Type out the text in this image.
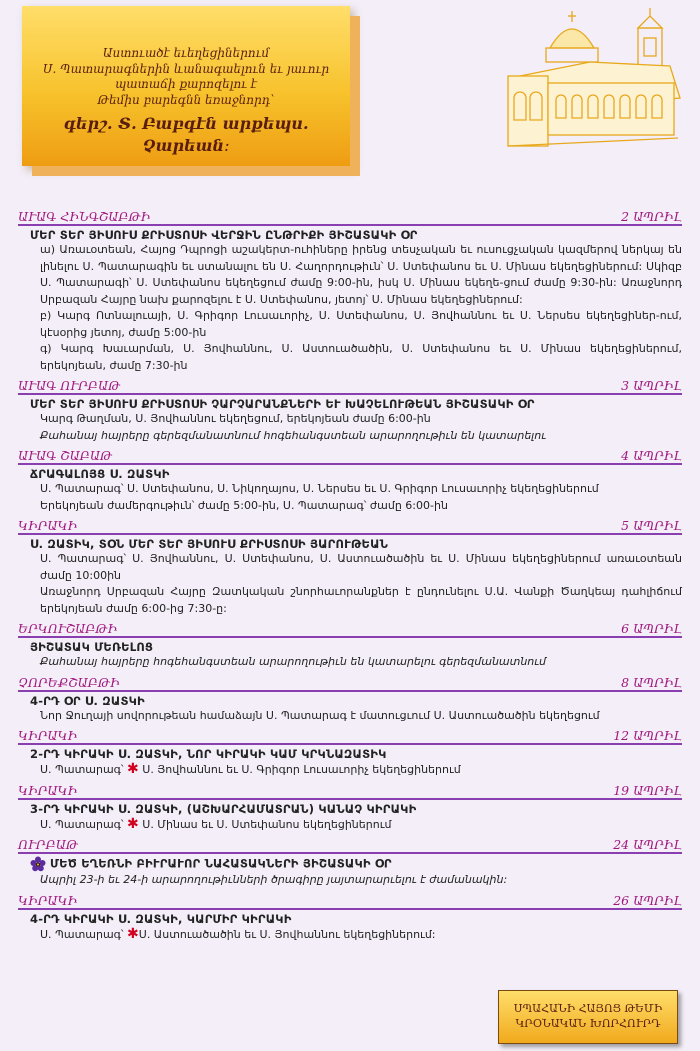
Աստուածէ եւեղեցիներում
Ս. Պատարագներին ևանագաելուն եւ յաւուր
պատաճի քարոզելու է
Թեմիս բարեգնն եռաջնորդ՝
գերշ. Տ. Բաբգէն արքեպս.
Չարեան։
ԱՒԱԳ ՀԻՆԳՇԱԲԹԻ	2 ԱՊՐԻԼ
ՄԵՐ ՏԵՐ ՅԻՍՈՒՍ ՔՐԻՍՏՈՍԻ ՎԵՐՋԻՆ ԸՆԹՐԻՔԻ ՅԻՇԱՏԱԿԻ ՕՐ
ա) Առաւօտեան, Հայոց Դպրոցի աշակերտ-ուհիները իրենց տեսչական եւ ուսուցչական կազմերով ներկայ են լինելու Ս. Պատարագին եւ ստանալու են Ս. Հաղորդութիւն՝ Ս. Ստեփանոս եւ Ս. Մինաս եկեղեցիներում: Սկիզբ Ս. Պատարագի՝ Ս. Ստեփանոս եկեղեցում ժամը 9:00-ին, իսկ Ս. Մինաս եկեղե-ցում ժամը 9:30-ին: Առաջնորդ Սրբազան Հայրը նախ քարոզելու է Ս. Ստեփանոս, յետոյ՝ Ս. Մինաս եկեղեցիներում:
բ) Կարգ Ոտնալուայի, Ս. Գրիգոր Լուսաւորիչ, Ս. Ստեփանոս, Ս. Յովհաննու եւ Ս. Ներսես եկեղեցիներ-ում, կէսօրից յետոյ, ժամը 5:00-ին
գ) Կարգ Խաւարման, Ս. Յովհաննու, Ս. Աստուածածին, Ս. Ստեփանոս եւ Ս. Մինաս եկեղեցիներում, երեկոյեան, ժամը 7:30-ին
ԱՒԱԳ ՈՒՐԲԱԹ	3 ԱՊՐԻԼ
ՄԵՐ ՏԵՐ ՅԻՍՈՒՍ ՔՐԻՍՏՈՍԻ ՉԱՐՉԱՐԱՆՔՆԵՐԻ ԵՒ ԽԱՉԵԼՈՒԹԵԱՆ ՅԻՇԱՏԱԿԻ ՕՐ
Կարգ Թաղման, Ս. Յովհաննու եկեղեցում, երեկոյեան ժամը 6:00-ին
Քահանայ հայրերը գերեզմանատնում հոգեհանգստեան արարողութիւն են կատարելու
ԱՒԱԳ ՇԱԲԱԹ	4 ԱՊՐԻԼ
ՃՐԱԳԱԼՈՅՑ Ս. ԶԱՏԿԻ
Ս. Պատարագ՝ Ս. Ստեփանոս, Ս. Նիկողայոս, Ս. Ներսես եւ Ս. Գրիգոր Լուսաւորիչ եկեղեցիներում
Երեկոյեան ժամերգութիւն՝ ժամը 5:00-ին, Ս. Պատարագ՝ ժամը 6:00-ին
ԿԻՐԱԿԻ	5 ԱՊՐԻԼ
Ս. ԶԱՏԻԿ, ՏՕՆ ՄԵՐ ՏԵՐ ՅԻՍՈՒՍ ՔՐԻՍՏՈՍԻ ՅԱՐՈՒԹԵԱՆ
Ս. Պատարագ՝ Ս. Յովհաննու, Ս. Ստեփանոս, Ս. Աստուածածին եւ Ս. Մինաս եկեղեցիներում առաւօտեան ժամը 10:00ին
Առաջնորդ Սրբազան Հայրը Զատկական շնորհաւորանքներ է ընդունելու Ս.Ա. Վանքի Ծաղկեայ դահլիճում երեկոյեան ժամը 6:00-ից 7:30-ը:
ԵՐԿՈՒՇԱԲԹԻ	6 ԱՊՐԻԼ
ՅԻՇԱՏԱԿ ՄԵՌԵԼՈՑ
Քահանայ հայրերը հոգեհանգստեան արարողութիւն են կատարելու գերեզմանատնում
ՉՈՐԵՔՇԱԲԹԻ	8 ԱՊՐԻԼ
4-ՐԴ ՕՐ Ս. ԶԱՏԿԻ
Նոր Ջուղայի սովորութեան համաձայն Ս. Պատարագ է մատուցւում Ս. Աստուածածին եկեղեցում
ԿԻՐԱԿԻ	12 ԱՊՐԻԼ
2-ՐԴ ԿԻՐԱԿԻ Ս. ԶԱՏԿԻ, ՆՈՐ ԿԻՐԱԿԻ ԿԱՄ ԿՐԿՆԱԶԱՏԻԿ
Ս. Պատարագ՝ ✱ Ս. Յովհաննու եւ Ս. Գրիգոր Լուսաւորիչ եկեղեցիներում
ԿԻՐԱԿԻ	19 ԱՊՐԻԼ
3-ՐԴ ԿԻՐԱԿԻ Ս. ԶԱՏԿԻ, (ԱՇԽԱՐՀԱՄԱՏՐԱՆ) ԿԱՆԱՉ ԿԻՐԱԿԻ
Ս. Պատարագ՝ ✱ Ս. Մինաս եւ Ս. Ստեփանոս եկեղեցիներում
ՈՒՐԲԱԹ	24 ԱՊՐԻԼ
ՄԵԾ ԵՂԵՌՆԻ ԲԻՒՐԱՒՈՐ ՆԱՀԱՏԱԿՆԵՐԻ ՅԻՇԱՏԱԿԻ ՕՐ
Ապրիլ 23-ի եւ 24-ի արարողութիւնների ծրագիրը յայտարարւելու է ժամանակին:
ԿԻՐԱԿԻ	26 ԱՊՐԻԼ
4-ՐԴ ԿԻՐԱԿԻ Ս. ԶԱՏԿԻ, ԿԱՐՄԻՐ ԿԻՐԱԿԻ
Ս. Պատարագ՝ ✱Ս. Աստուածածին եւ Ս. Յովհաննու եկեղեցիներում:
ՍՊԱՀԱՆԻ ՀԱՅՈՑ ԹԵՄԻ
ԿՐՕՆԱԿԱՆ ԽՈՐՀՈՒՐԴ
